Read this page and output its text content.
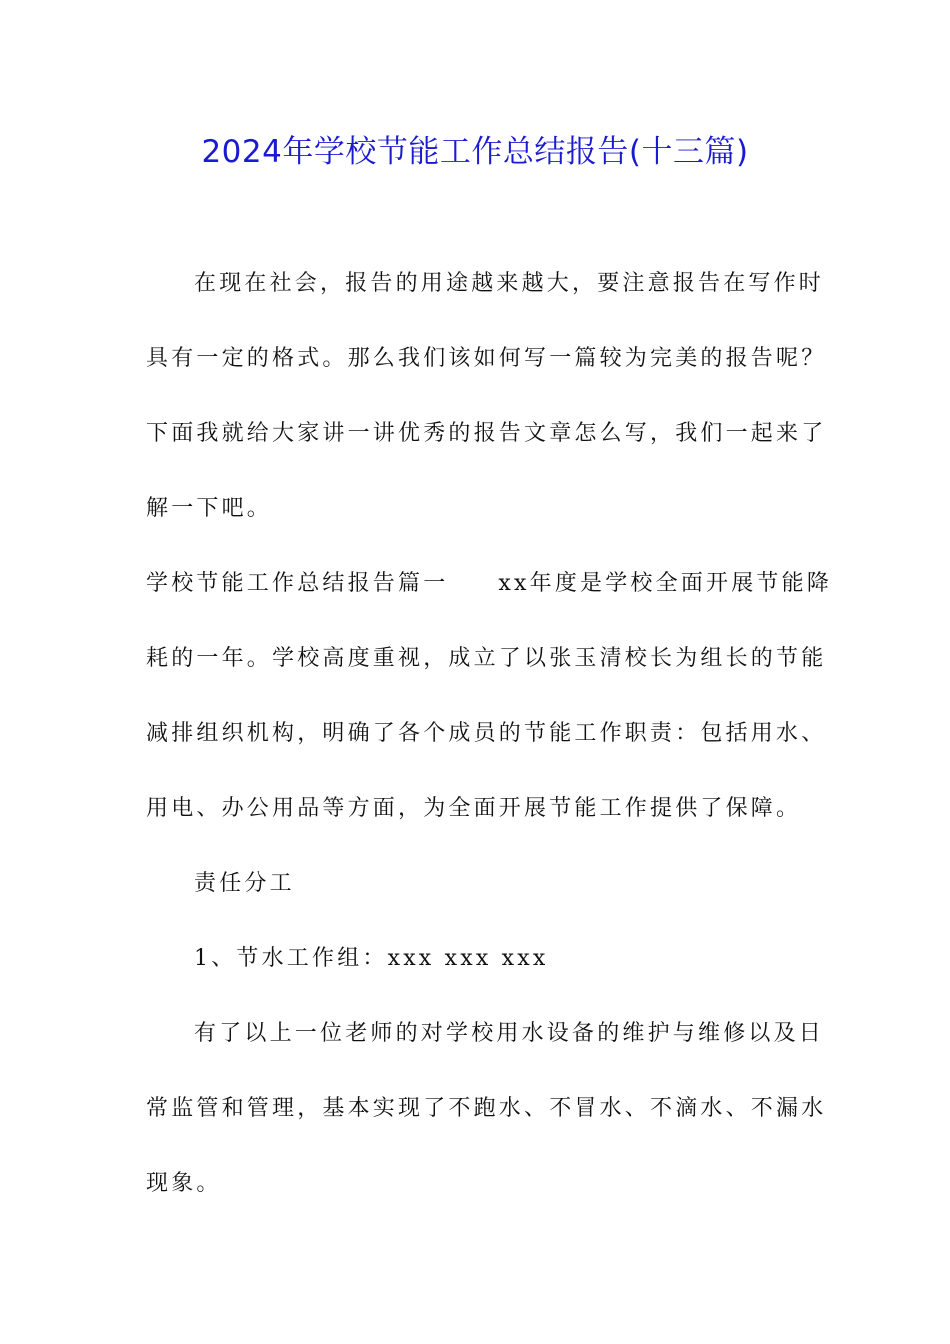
2024年学校节能工作总结报告(十三篇)
在现在社会，报告的用途越来越大，要注意报告在写作时
具有一定的格式。那么我们该如何写一篇较为完美的报告呢？
下面我就给大家讲一讲优秀的报告文章怎么写，我们一起来了
解一下吧。
学校节能工作总结报告篇一 xx年度是学校全面开展节能降
耗的一年。学校高度重视，成立了以张玉清校长为组长的节能
减排组织机构，明确了各个成员的节能工作职责：包括用水、
用电、办公用品等方面，为全面开展节能工作提供了保障。
责任分工
1、节水工作组：xxx xxx xxx
有了以上一位老师的对学校用水设备的维护与维修以及日
常监管和管理，基本实现了不跑水、不冒水、不滴水、不漏水
现象。
